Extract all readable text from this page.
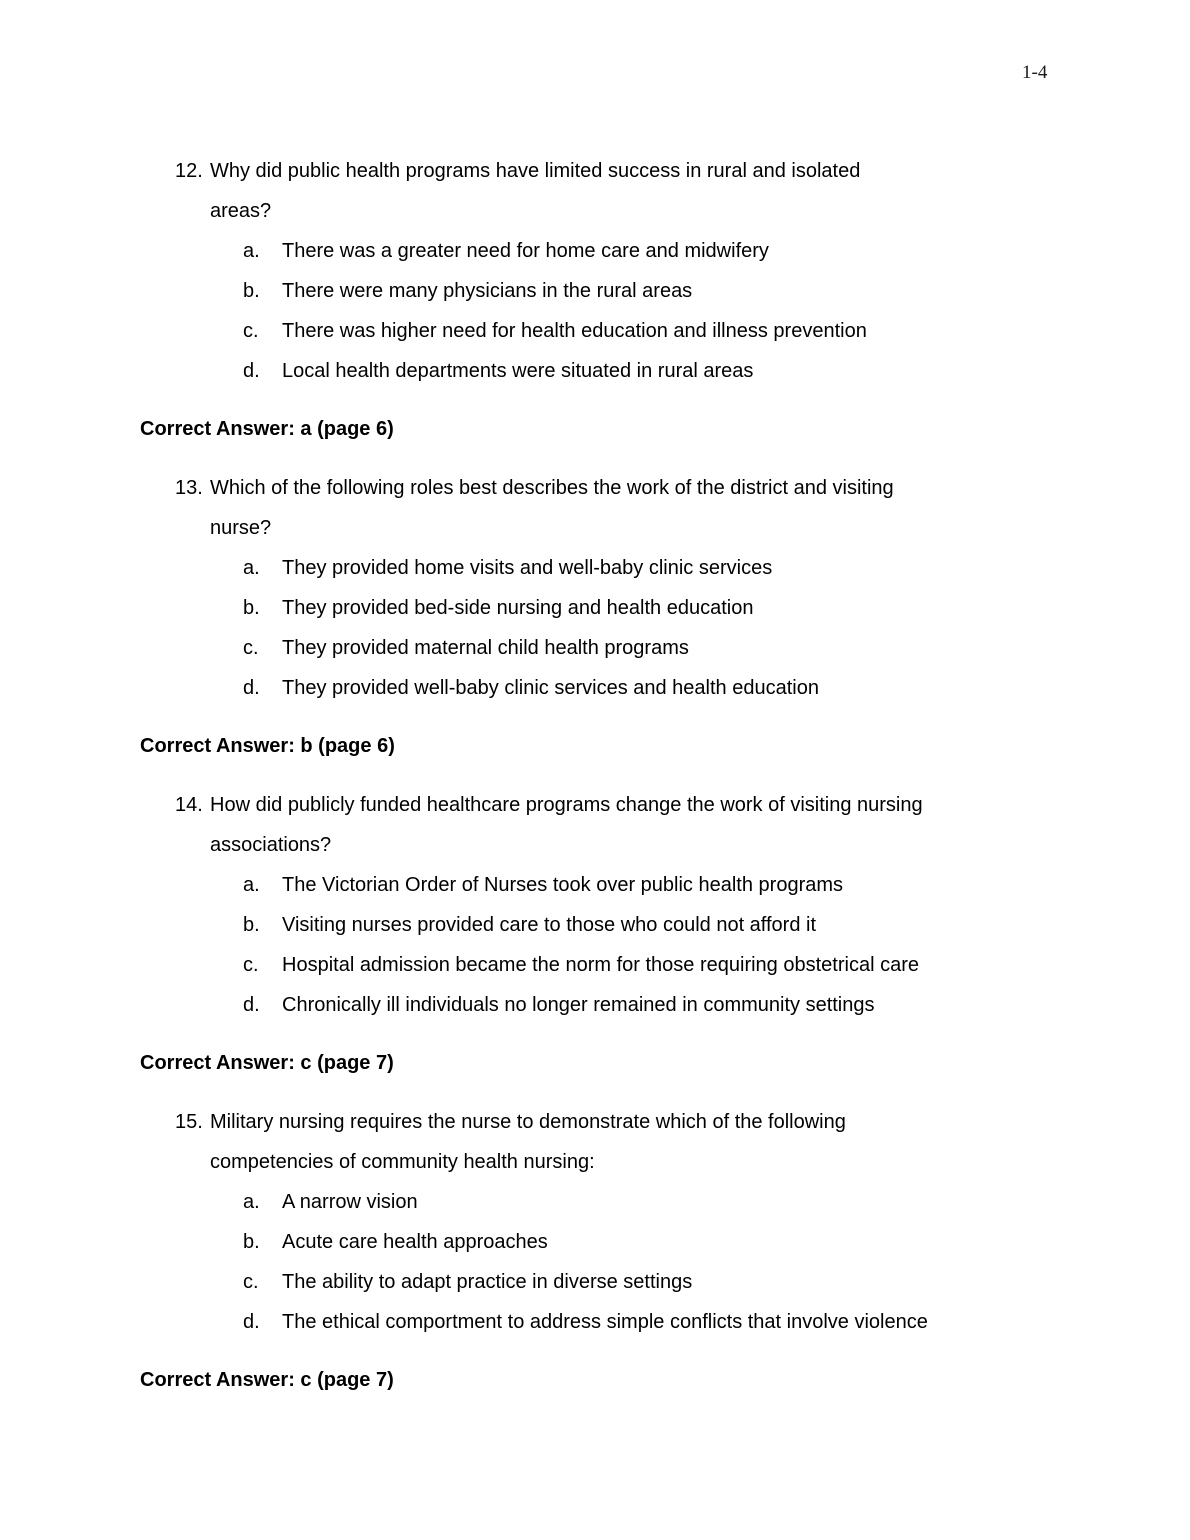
1-4
12. Why did public health programs have limited success in rural and isolated
areas?
a.	There was a greater need for home care and midwifery
b.	There were many physicians in the rural areas
c.	There was higher need for health education and illness prevention
d.	Local health departments were situated in rural areas
Correct Answer: a (page 6)
13. Which of the following roles best describes the work of the district and visiting
nurse?
a.	They provided home visits and well-baby clinic services
b.	They provided bed-side nursing and health education
c.	They provided maternal child health programs
d.	They provided well-baby clinic services and health education
Correct Answer: b (page 6)
14. How did publicly funded healthcare programs change the work of visiting nursing
associations?
a.	The Victorian Order of Nurses took over public health programs
b.	Visiting nurses provided care to those who could not afford it
c.	Hospital admission became the norm for those requiring obstetrical care
d.	Chronically ill individuals no longer remained in community settings
Correct Answer: c (page 7)
15. Military nursing requires the nurse to demonstrate which of the following
competencies of community health nursing:
a.	A narrow vision
b.	Acute care health approaches
c.	The ability to adapt practice in diverse settings
d.	The ethical comportment to address simple conflicts that involve violence
Correct Answer: c (page 7)
